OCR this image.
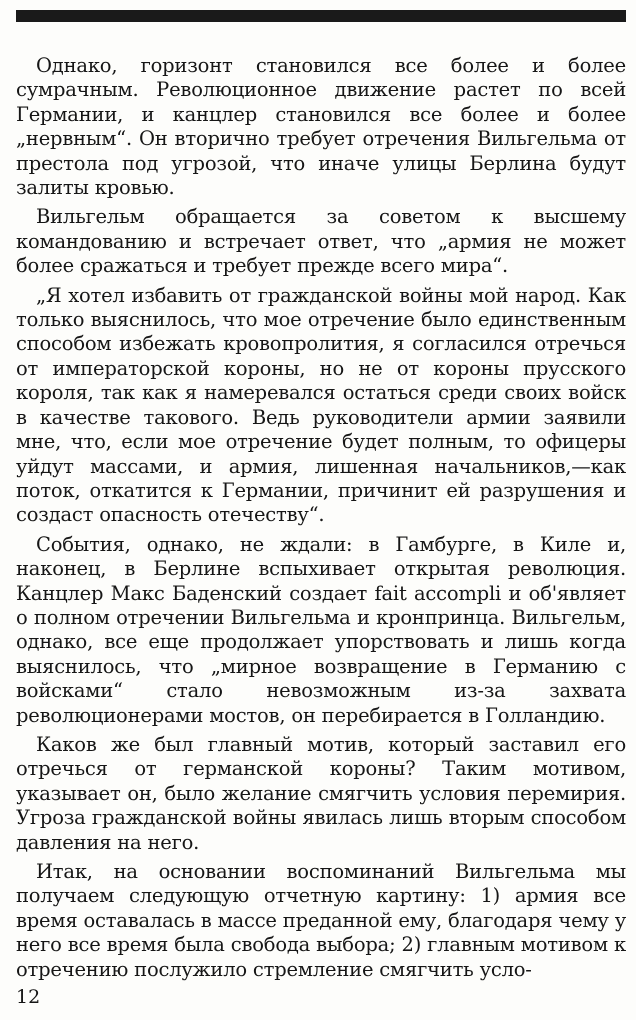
Однако, горизонт становился все более и более сумрачным. Революционное движение растет по всей Германии, и канцлер становился все более и более „нервным“. Он вторично требует отречения Вильгельма от престола под угрозой, что иначе улицы Берлина будут залиты кровью.

Вильгельм обращается за советом к высшему командованию и встречает ответ, что „армия не может более сражаться и требует прежде всего мира“.

„Я хотел избавить от гражданской войны мой народ. Как только выяснилось, что мое отречение было единственным способом избежать кровопролития, я согласился отречься от императорской короны, но не от короны прусского короля, так как я намеревался остаться среди своих войск в качестве такового. Ведь руководители армии заявили мне, что, если мое отречение будет полным, то офицеры уйдут массами, и армия, лишенная начальников,—как поток, откатится к Германии, причинит ей разрушения и создаст опасность отечеству“.

События, однако, не ждали: в Гамбурге, в Киле и, наконец, в Берлине вспыхивает открытая революция. Канцлер Макс Баденский создает fait accompli и об'являет о полном отречении Вильгельма и кронпринца. Вильгельм, однако, все еще продолжает упорствовать и лишь когда выяснилось, что „мирное возвращение в Германию с войсками“ стало невозможным из-за захвата революционерами мостов, он перебирается в Голландию.

Каков же был главный мотив, который заставил его отречься от германской короны? Таким мотивом, указывает он, было желание смягчить условия перемирия. Угроза гражданской войны явилась лишь вторым способом давления на него.

Итак, на основании воспоминаний Вильгельма мы получаем следующую отчетную картину: 1) армия все время оставалась в массе преданной ему, благодаря чему у него все время была свобода выбора; 2) главным мотивом к отречению послужило стремление смягчить усло-

12
